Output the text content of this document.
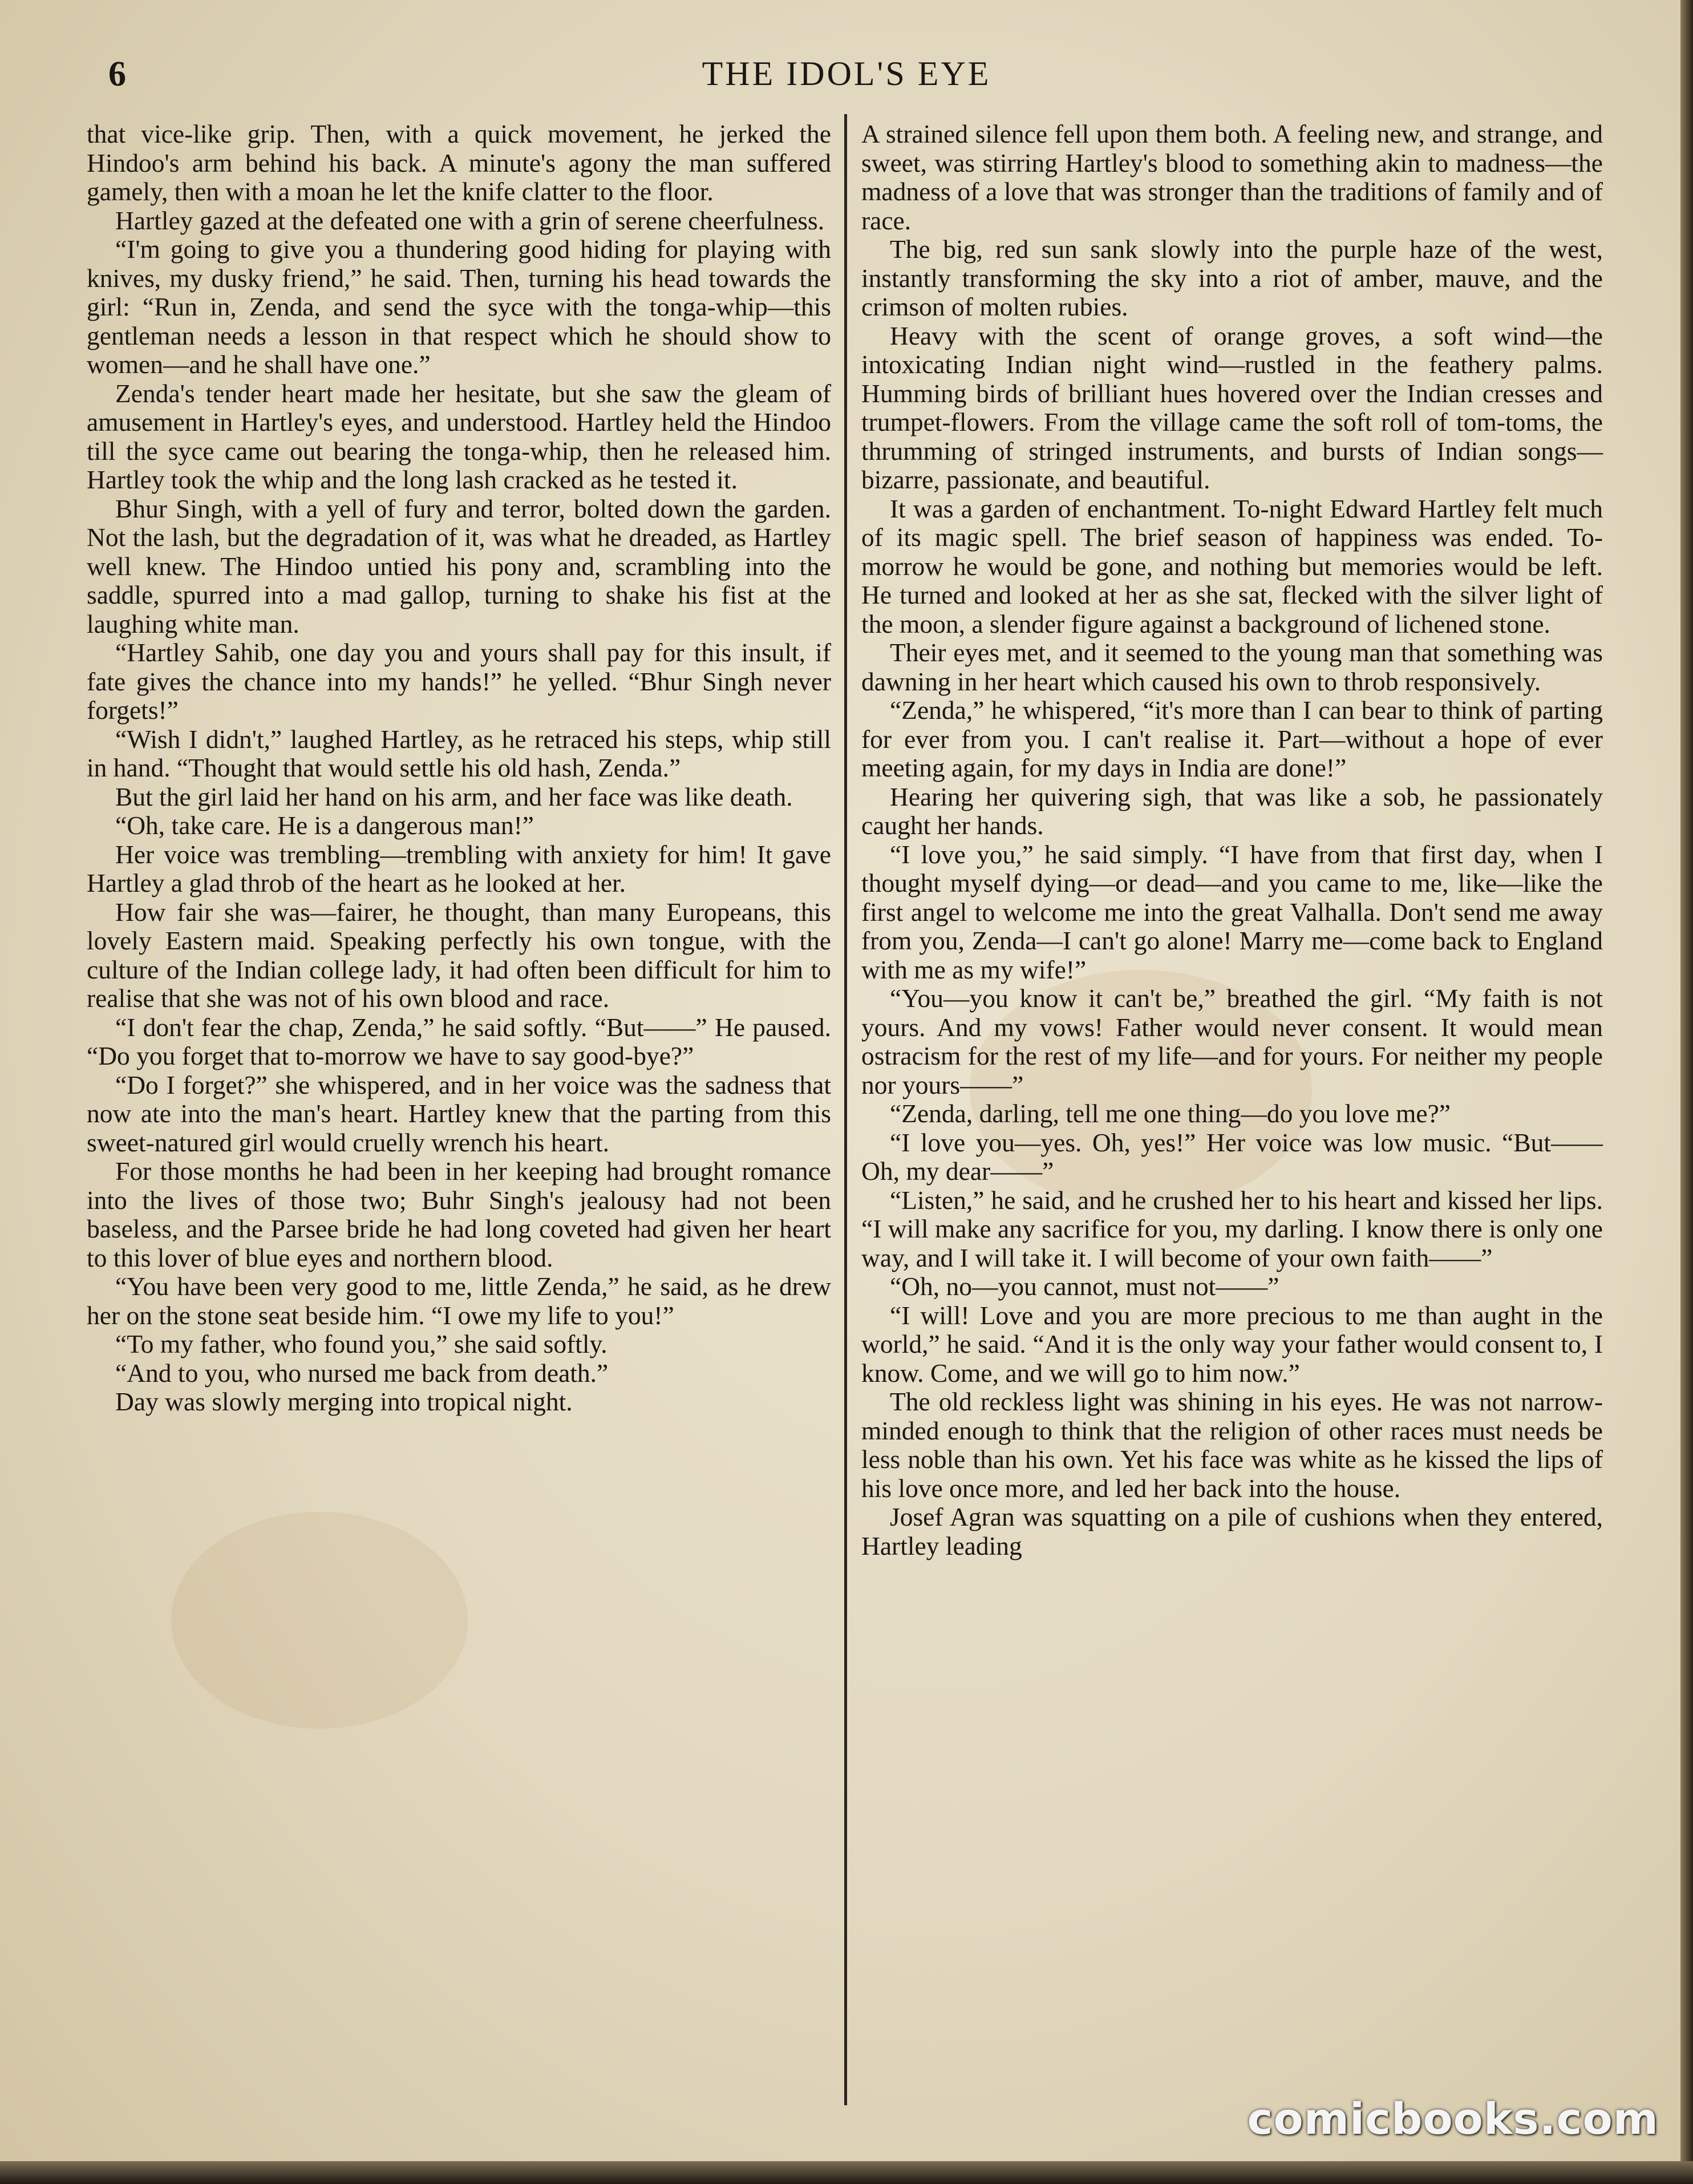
6	THE IDOL'S EYE

that vice-like grip. Then, with a quick movement, he jerked the Hindoo's arm behind his back. A minute's agony the man suffered gamely, then with a moan he let the knife clatter to the floor.

Hartley gazed at the defeated one with a grin of serene cheerfulness.

“I'm going to give you a thundering good hiding for playing with knives, my dusky friend,” he said. Then, turning his head towards the girl: “Run in, Zenda, and send the syce with the tonga-whip—this gentleman needs a lesson in that respect which he should show to women—and he shall have one.”

Zenda's tender heart made her hesitate, but she saw the gleam of amusement in Hartley's eyes, and understood. Hartley held the Hindoo till the syce came out bearing the tonga-whip, then he released him. Hartley took the whip and the long lash cracked as he tested it.

Bhur Singh, with a yell of fury and terror, bolted down the garden. Not the lash, but the degradation of it, was what he dreaded, as Hartley well knew. The Hindoo untied his pony and, scrambling into the saddle, spurred into a mad gallop, turning to shake his fist at the laughing white man.

“Hartley Sahib, one day you and yours shall pay for this insult, if fate gives the chance into my hands!” he yelled. “Bhur Singh never forgets!”

“Wish I didn't,” laughed Hartley, as he retraced his steps, whip still in hand. “Thought that would settle his old hash, Zenda.”

But the girl laid her hand on his arm, and her face was like death.

“Oh, take care. He is a dangerous man!”

Her voice was trembling—trembling with anxiety for him! It gave Hartley a glad throb of the heart as he looked at her.

How fair she was—fairer, he thought, than many Europeans, this lovely Eastern maid. Speaking perfectly his own tongue, with the culture of the Indian college lady, it had often been difficult for him to realise that she was not of his own blood and race.

“I don't fear the chap, Zenda,” he said softly. “But——” He paused. “Do you forget that to-morrow we have to say good-bye?”

“Do I forget?” she whispered, and in her voice was the sadness that now ate into the man's heart. Hartley knew that the parting from this sweet-natured girl would cruelly wrench his heart.

For those months he had been in her keeping had brought romance into the lives of those two; Buhr Singh's jealousy had not been baseless, and the Parsee bride he had long coveted had given her heart to this lover of blue eyes and northern blood.

“You have been very good to me, little Zenda,” he said, as he drew her on the stone seat beside him. “I owe my life to you!”

“To my father, who found you,” she said softly.

“And to you, who nursed me back from death.”

Day was slowly merging into tropical night.

A strained silence fell upon them both. A feeling new, and strange, and sweet, was stirring Hartley's blood to something akin to madness—the madness of a love that was stronger than the traditions of family and of race.

The big, red sun sank slowly into the purple haze of the west, instantly transforming the sky into a riot of amber, mauve, and the crimson of molten rubies.

Heavy with the scent of orange groves, a soft wind—the intoxicating Indian night wind—rustled in the feathery palms. Humming birds of brilliant hues hovered over the Indian cresses and trumpet-flowers. From the village came the soft roll of tom-toms, the thrumming of stringed instruments, and bursts of Indian songs—bizarre, passionate, and beautiful.

It was a garden of enchantment. To-night Edward Hartley felt much of its magic spell. The brief season of happiness was ended. To-morrow he would be gone, and nothing but memories would be left. He turned and looked at her as she sat, flecked with the silver light of the moon, a slender figure against a background of lichened stone.

Their eyes met, and it seemed to the young man that something was dawning in her heart which caused his own to throb responsively.

“Zenda,” he whispered, “it's more than I can bear to think of parting for ever from you. I can't realise it. Part—without a hope of ever meeting again, for my days in India are done!”

Hearing her quivering sigh, that was like a sob, he passionately caught her hands.

“I love you,” he said simply. “I have from that first day, when I thought myself dying—or dead—and you came to me, like—like the first angel to welcome me into the great Valhalla. Don't send me away from you, Zenda—I can't go alone! Marry me—come back to England with me as my wife!”

“You—you know it can't be,” breathed the girl. “My faith is not yours. And my vows! Father would never consent. It would mean ostracism for the rest of my life—and for yours. For neither my people nor yours——”

“Zenda, darling, tell me one thing—do you love me?”

“I love you—yes. Oh, yes!” Her voice was low music. “But—— Oh, my dear——”

“Listen,” he said, and he crushed her to his heart and kissed her lips. “I will make any sacrifice for you, my darling. I know there is only one way, and I will take it. I will become of your own faith——”

“Oh, no—you cannot, must not——”

“I will! Love and you are more precious to me than aught in the world,” he said. “And it is the only way your father would consent to, I know. Come, and we will go to him now.”

The old reckless light was shining in his eyes. He was not narrow-minded enough to think that the religion of other races must needs be less noble than his own. Yet his face was white as he kissed the lips of his love once more, and led her back into the house.

Josef Agran was squatting on a pile of cushions when they entered, Hartley leading

comicbooks.com
